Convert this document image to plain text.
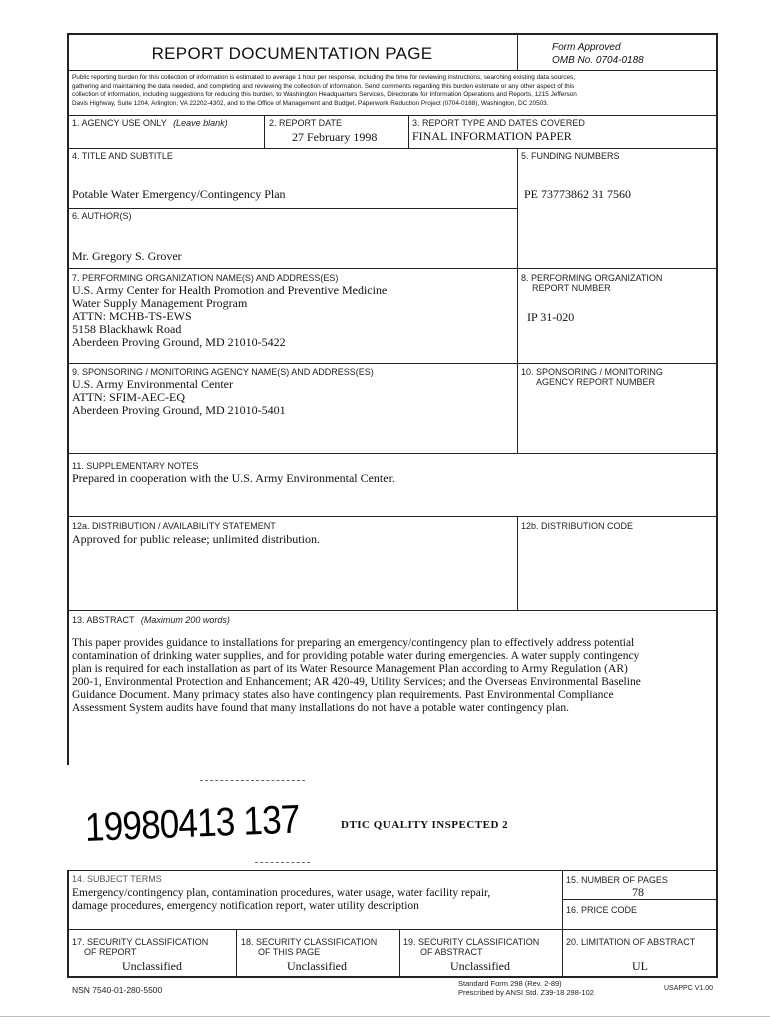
REPORT DOCUMENTATION PAGE	Form Approved
OMB No. 0704-0188
Public reporting burden for this collection of information is estimated to average 1 hour per response, including the time for reviewing instructions, searching existing data sources,
gathering and maintaining the data needed, and completing and reviewing the collection of information. Send comments regarding this burden estimate or any other aspect of this
collection of information, including suggestions for reducing this burden, to Washington Headquarters Services, Directorate for Information Operations and Reports, 1215 Jefferson
Davis Highway, Suite 1204, Arlington, VA 22202-4302, and to the Office of Management and Budget, Paperwork Reduction Project (0704-0188), Washington, DC 20503.
1. AGENCY USE ONLY (Leave blank)	2. REPORT DATE
27 February 1998
3. REPORT TYPE AND DATES COVERED
FINAL INFORMATION PAPER
4. TITLE AND SUBTITLE
Potable Water Emergency/Contingency Plan
5. FUNDING NUMBERS
PE 73773862 31 7560
6. AUTHOR(S)
Mr. Gregory S. Grover
7. PERFORMING ORGANIZATION NAME(S) AND ADDRESS(ES)
U.S. Army Center for Health Promotion and Preventive Medicine
Water Supply Management Program
ATTN: MCHB-TS-EWS
5158 Blackhawk Road
Aberdeen Proving Ground, MD 21010-5422
8. PERFORMING ORGANIZATION
REPORT NUMBER
IP 31-020
9. SPONSORING / MONITORING AGENCY NAME(S) AND ADDRESS(ES)
U.S. Army Environmental Center
ATTN: SFIM-AEC-EQ
Aberdeen Proving Ground, MD 21010-5401
10. SPONSORING / MONITORING
AGENCY REPORT NUMBER
11. SUPPLEMENTARY NOTES
Prepared in cooperation with the U.S. Army Environmental Center.
12a. DISTRIBUTION / AVAILABILITY STATEMENT
Approved for public release; unlimited distribution.
12b. DISTRIBUTION CODE
13. ABSTRACT (Maximum 200 words)
This paper provides guidance to installations for preparing an emergency/contingency plan to effectively address potential
contamination of drinking water supplies, and for providing potable water during emergencies. A water supply contingency
plan is required for each installation as part of its Water Resource Management Plan according to Army Regulation (AR)
200-1, Environmental Protection and Enhancement; AR 420-49, Utility Services; and the Overseas Environmental Baseline
Guidance Document. Many primacy states also have contingency plan requirements. Past Environmental Compliance
Assessment System audits have found that many installations do not have a potable water contingency plan.
19980413 137	DTIC QUALITY INSPECTED 2
14. SUBJECT TERMS
Emergency/contingency plan, contamination procedures, water usage, water facility repair,
damage procedures, emergency notification report, water utility description
15. NUMBER OF PAGES
78
16. PRICE CODE
17. SECURITY CLASSIFICATION
OF REPORT
Unclassified
18. SECURITY CLASSIFICATION
OF THIS PAGE
Unclassified
19. SECURITY CLASSIFICATION
OF ABSTRACT
Unclassified
20. LIMITATION OF ABSTRACT
UL
NSN 7540-01-280-5500
Standard Form 298 (Rev. 2-89)
Prescribed by ANSI Std. Z39-18 298-102	USAPPC V1.00
